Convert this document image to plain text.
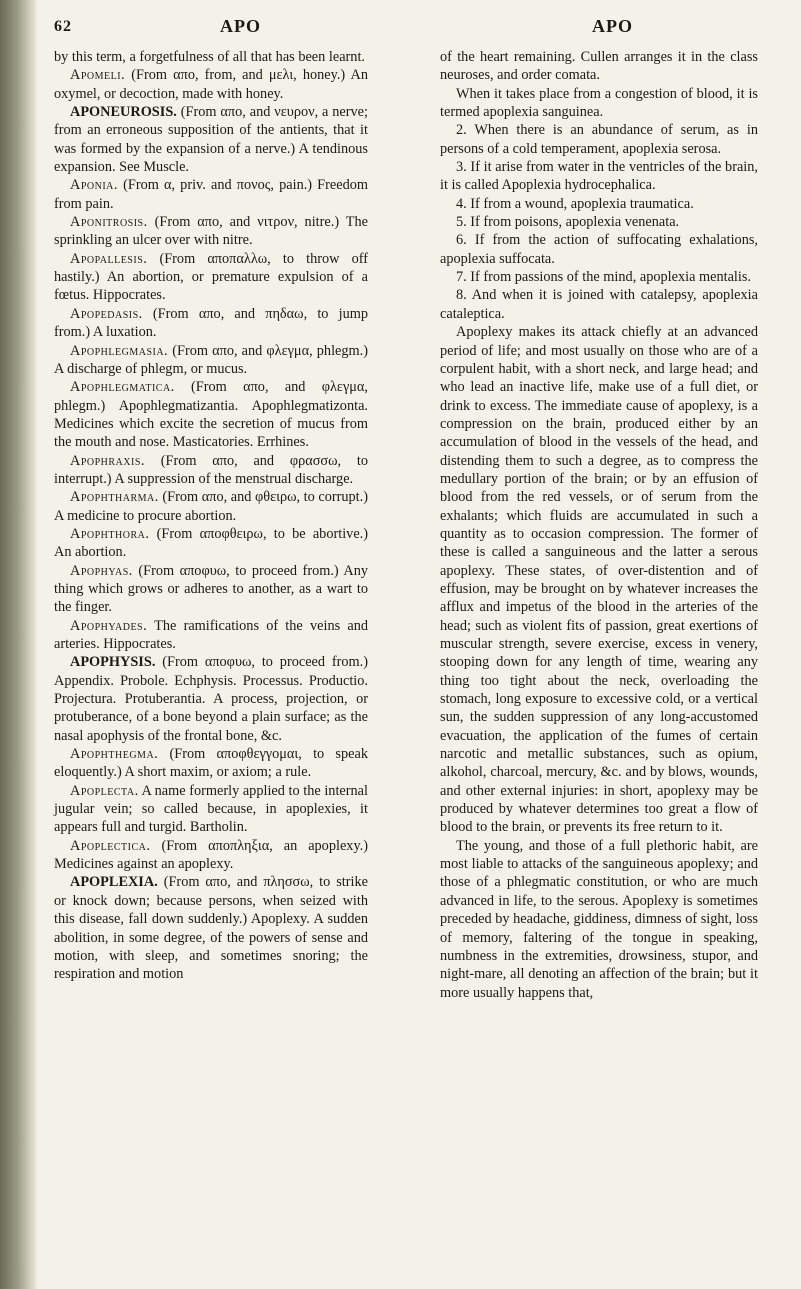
62	APO	APO

by this term, a forgetfulness of all that has been learnt.

Apomeli. (From απο, from, and μελι, honey.) An oxymel, or decoction, made with honey.

APONEUROSIS. (From απο, and νευρον, a nerve; from an erroneous supposition of the antients, that it was formed by the expansion of a nerve.) A tendinous expansion. See Muscle.

Aponia. (From α, priv. and πονος, pain.) Freedom from pain.

Aponitrosis. (From απο, and νιτρον, nitre.) The sprinkling an ulcer over with nitre.

Apopallesis. (From αποπαλλω, to throw off hastily.) An abortion, or premature expulsion of a fœtus. Hippocrates.

Apopedasis. (From απο, and πηδαω, to jump from.) A luxation.

Apophlegmasia. (From απο, and φλεγμα, phlegm.) A discharge of phlegm, or mucus.

Apophlegmatica. (From απο, and φλεγμα, phlegm.) Apophlegmatizantia. Apophlegmatizonta. Medicines which excite the secretion of mucus from the mouth and nose. Masticatories. Errhines.

Apophraxis. (From απο, and φρασσω, to interrupt.) A suppression of the menstrual discharge.

Apophtharma. (From απο, and φθειρω, to corrupt.) A medicine to procure abortion.

Apophthora. (From αποφθειρω, to be abortive.) An abortion.

Apophyas. (From αποφυω, to proceed from.) Any thing which grows or adheres to another, as a wart to the finger.

Apophyades. The ramifications of the veins and arteries. Hippocrates.

APOPHYSIS. (From αποφυω, to proceed from.) Appendix. Probole. Echphysis. Processus. Productio. Projectura. Protuberantia. A process, projection, or protuberance, of a bone beyond a plain surface; as the nasal apophysis of the frontal bone, &c.

Apophthegma. (From αποφθεγγομαι, to speak eloquently.) A short maxim, or axiom; a rule.

Apoplecta. A name formerly applied to the internal jugular vein; so called because, in apoplexies, it appears full and turgid. Bartholin.

Apoplectica. (From αποπληξια, an apoplexy.) Medicines against an apoplexy.

APOPLEXIA. (From απο, and πλησσω, to strike or knock down; because persons, when seized with this disease, fall down suddenly.) Apoplexy. A sudden abolition, in some degree, of the powers of sense and motion, with sleep, and sometimes snoring; the respiration and motion

of the heart remaining. Cullen arranges it in the class neuroses, and order comata.

When it takes place from a congestion of blood, it is termed apoplexia sanguinea.

2. When there is an abundance of serum, as in persons of a cold temperament, apoplexia serosa.

3. If it arise from water in the ventricles of the brain, it is called Apoplexia hydrocephalica.

4. If from a wound, apoplexia traumatica.

5. If from poisons, apoplexia venenata.

6. If from the action of suffocating exhalations, apoplexia suffocata.

7. If from passions of the mind, apoplexia mentalis.

8. And when it is joined with catalepsy, apoplexia cataleptica.

Apoplexy makes its attack chiefly at an advanced period of life; and most usually on those who are of a corpulent habit, with a short neck, and large head; and who lead an inactive life, make use of a full diet, or drink to excess. The immediate cause of apoplexy, is a compression on the brain, produced either by an accumulation of blood in the vessels of the head, and distending them to such a degree, as to compress the medullary portion of the brain; or by an effusion of blood from the red vessels, or of serum from the exhalants; which fluids are accumulated in such a quantity as to occasion compression. The former of these is called a sanguineous and the latter a serous apoplexy. These states, of over-distention and of effusion, may be brought on by whatever increases the afflux and impetus of the blood in the arteries of the head; such as violent fits of passion, great exertions of muscular strength, severe exercise, excess in venery, stooping down for any length of time, wearing any thing too tight about the neck, overloading the stomach, long exposure to excessive cold, or a vertical sun, the sudden suppression of any long-accustomed evacuation, the application of the fumes of certain narcotic and metallic substances, such as opium, alkohol, charcoal, mercury, &c. and by blows, wounds, and other external injuries: in short, apoplexy may be produced by whatever determines too great a flow of blood to the brain, or prevents its free return to it.

The young, and those of a full plethoric habit, are most liable to attacks of the sanguineous apoplexy; and those of a phlegmatic constitution, or who are much advanced in life, to the serous. Apoplexy is sometimes preceded by headache, giddiness, dimness of sight, loss of memory, faltering of the tongue in speaking, numbness in the extremities, drowsiness, stupor, and night-mare, all denoting an affection of the brain; but it more usually happens that,
